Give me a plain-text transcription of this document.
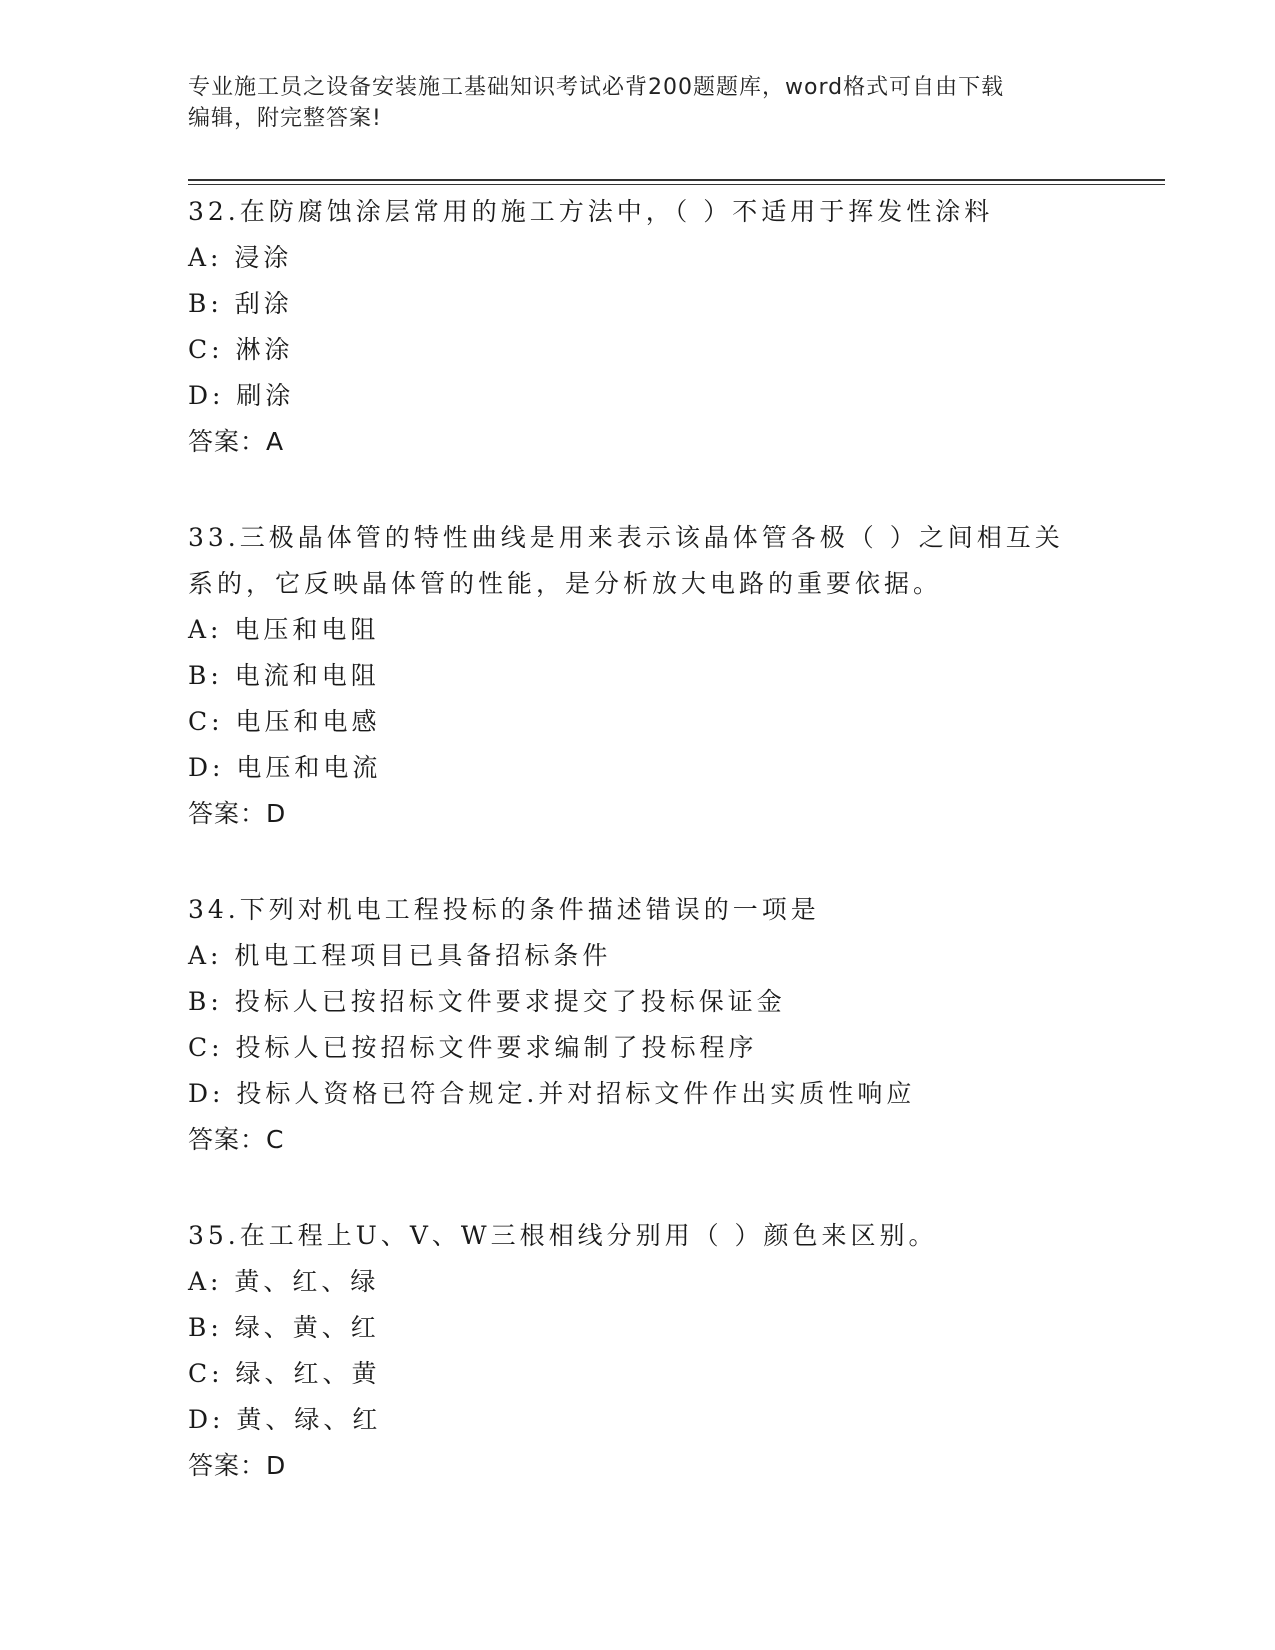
专业施工员之设备安装施工基础知识考试必背200题题库，word格式可自由下载
编辑，附完整答案!
32.在防腐蚀涂层常用的施工方法中，（ ）不适用于挥发性涂料
A: 浸涂
B: 刮涂
C: 淋涂
D: 刷涂
答案：A
33.三极晶体管的特性曲线是用来表示该晶体管各极（ ）之间相互关
系的，它反映晶体管的性能，是分析放大电路的重要依据。
A: 电压和电阻
B: 电流和电阻
C: 电压和电感
D: 电压和电流
答案：D
34.下列对机电工程投标的条件描述错误的一项是
A: 机电工程项目已具备招标条件
B: 投标人已按招标文件要求提交了投标保证金
C: 投标人已按招标文件要求编制了投标程序
D: 投标人资格已符合规定.并对招标文件作出实质性响应
答案：C
35.在工程上U、V、W三根相线分别用（ ）颜色来区别。
A: 黄、红、绿
B: 绿、黄、红
C: 绿、红、黄
D: 黄、绿、红
答案：D
